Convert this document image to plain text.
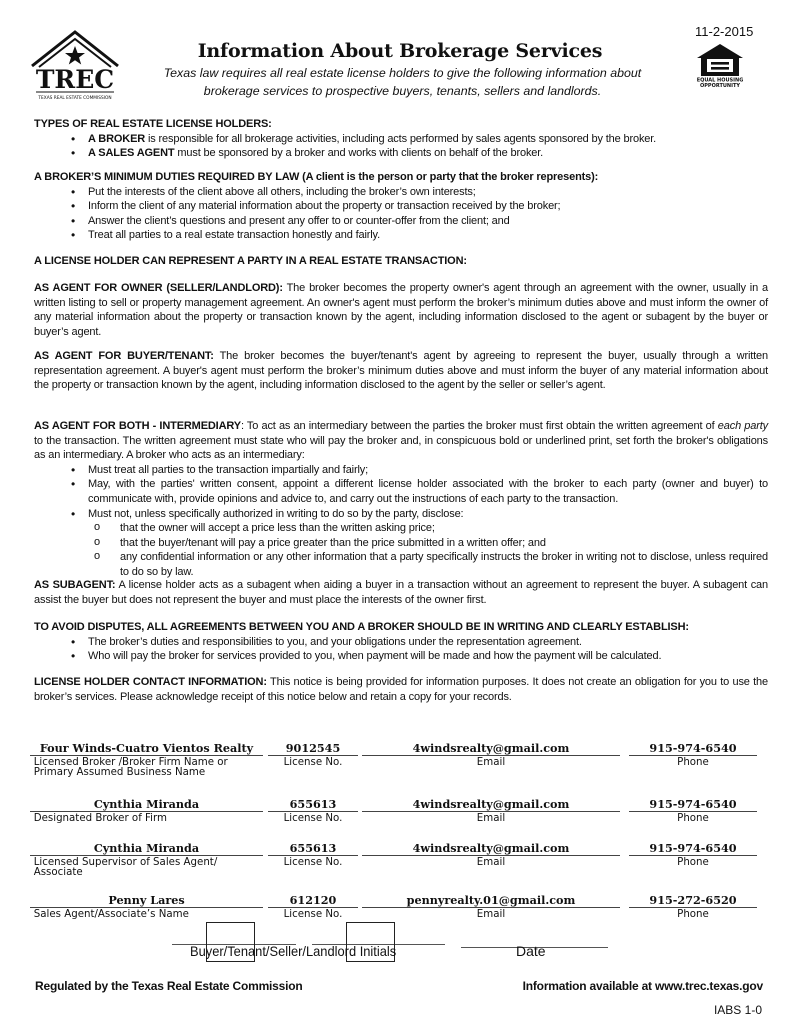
TREC
TEXAS REAL ESTATE COMMISSION
Information About Brokerage Services
Texas law requires all real estate license holders to give the following information about brokerage services to prospective buyers, tenants, sellers and landlords.
11-2-2015
EQUAL HOUSING
OPPORTUNITY
TYPES OF REAL ESTATE LICENSE HOLDERS:
• A BROKER is responsible for all brokerage activities, including acts performed by sales agents sponsored by the broker.
• A SALES AGENT must be sponsored by a broker and works with clients on behalf of the broker.
A BROKER’S MINIMUM DUTIES REQUIRED BY LAW (A client is the person or party that the broker represents):
• Put the interests of the client above all others, including the broker’s own interests;
• Inform the client of any material information about the property or transaction received by the broker;
• Answer the client’s questions and present any offer to or counter-offer from the client; and
• Treat all parties to a real estate transaction honestly and fairly.
A LICENSE HOLDER CAN REPRESENT A PARTY IN A REAL ESTATE TRANSACTION:
AS AGENT FOR OWNER (SELLER/LANDLORD): The broker becomes the property owner's agent through an agreement with the owner, usually in a written listing to sell or property management agreement. An owner's agent must perform the broker’s minimum duties above and must inform the owner of any material information about the property or transaction known by the agent, including information disclosed to the agent or subagent by the buyer or buyer’s agent.
AS AGENT FOR BUYER/TENANT: The broker becomes the buyer/tenant's agent by agreeing to represent the buyer, usually through a written representation agreement. A buyer's agent must perform the broker’s minimum duties above and must inform the buyer of any material information about the property or transaction known by the agent, including information disclosed to the agent by the seller or seller’s agent.
AS AGENT FOR BOTH - INTERMEDIARY: To act as an intermediary between the parties the broker must first obtain the written agreement of each party to the transaction. The written agreement must state who will pay the broker and, in conspicuous bold or underlined print, set forth the broker's obligations as an intermediary. A broker who acts as an intermediary:
• Must treat all parties to the transaction impartially and fairly;
• May, with the parties' written consent, appoint a different license holder associated with the broker to each party (owner and buyer) to communicate with, provide opinions and advice to, and carry out the instructions of each party to the transaction.
• Must not, unless specifically authorized in writing to do so by the party, disclose:
o that the owner will accept a price less than the written asking price;
o that the buyer/tenant will pay a price greater than the price submitted in a written offer; and
o any confidential information or any other information that a party specifically instructs the broker in writing not to disclose, unless required to do so by law.
AS SUBAGENT: A license holder acts as a subagent when aiding a buyer in a transaction without an agreement to represent the buyer. A subagent can assist the buyer but does not represent the buyer and must place the interests of the owner first.
TO AVOID DISPUTES, ALL AGREEMENTS BETWEEN YOU AND A BROKER SHOULD BE IN WRITING AND CLEARLY ESTABLISH:
• The broker’s duties and responsibilities to you, and your obligations under the representation agreement.
• Who will pay the broker for services provided to you, when payment will be made and how the payment will be calculated.
LICENSE HOLDER CONTACT INFORMATION: This notice is being provided for information purposes. It does not create an obligation for you to use the broker’s services. Please acknowledge receipt of this notice below and retain a copy for your records.
Four Winds-Cuatro Vientos Realty
Licensed Broker /Broker Firm Name or Primary Assumed Business Name
9012545
License No.
4windsrealty@gmail.com
Email
915-974-6540
Phone
Cynthia Miranda
Designated Broker of Firm
655613
License No.
4windsrealty@gmail.com
Email
915-974-6540
Phone
Cynthia Miranda
Licensed Supervisor of Sales Agent/ Associate
655613
License No.
4windsrealty@gmail.com
Email
915-974-6540
Phone
Penny Lares
Sales Agent/Associate’s Name
612120
License No.
pennyrealty.01@gmail.com
Email
915-272-6520
Phone
Buyer/Tenant/Seller/Landlord Initials	Date
Regulated by the Texas Real Estate Commission	Information available at www.trec.texas.gov
IABS 1-0
